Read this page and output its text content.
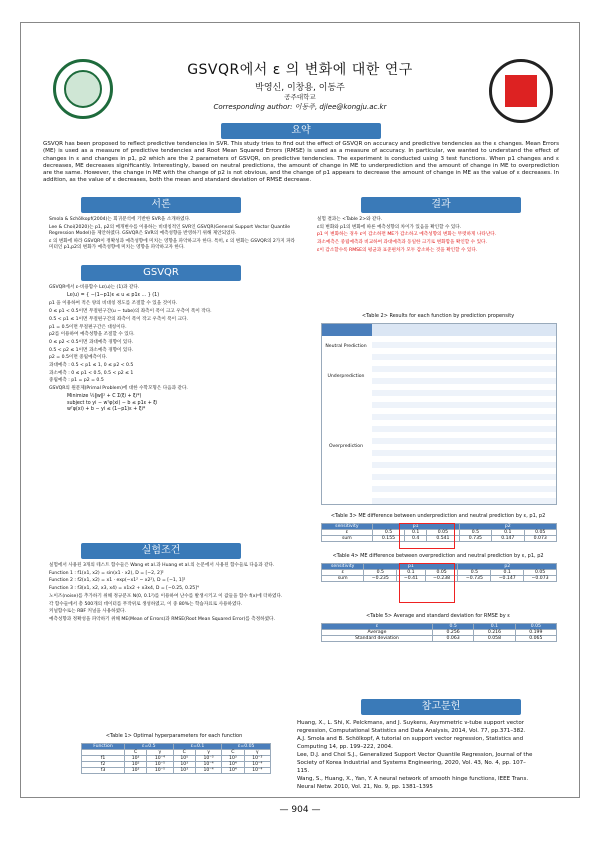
GSVQR에서 ε 의 변화에 대한 연구
박영신, 이창용, 이동주
공주대학교
Corresponding author: 이동주, djlee@kongju.ac.kr
요약
GSVQR has been proposed to reflect predictive tendencies in SVR. This study tries to find out the effect of GSVQR on accuracy and predictive tendencies as the ε changes. Mean Errors (ME) is used as a measure of predictive tendencies and Root Mean Squared Errors (RMSE) is used as a measure of accuracy. In particular, we wanted to understand the effect of changes in ε and changes in p1, p2 which are the 2 parameters of GSVQR, on predictive tendencies. The experiment is conducted using 3 test functions. When p1 changes and ε decreases, ME decreases significantly. Interestingly, based on neutral predictions, the amount of change in ME to underprediction and the amount of change in ME to overprediction are the same. However, the change in ME with the change of p2 is not obvious, and the change of p1 appears to decrease the amount of change in ME as the value of ε decreases. In addition, as the value of ε decreases, both the mean and standard deviation of RMSE decrease.
서론

Smola & Schölkopf(2004)는 회귀분석에 기반한 SVR을 소개하였다.

Lee & Choi(2020)는 p1, p2의 매개변수를 이용하는 비대칭적인 SVR인 GSVQR(General Support Vector Quantile Regression Model)을 제안하였다. GSVQR은 SVR의 예측성향을 반영하기 위해 제안되었다.

ε 의 변화에 따라 GSVQR이 정확성과 예측성향에 미치는 영향을 파악하고자 한다. 특히, ε 의 변화는 GSVQR의 2가지 파라미터인 p1,p2의 변화가 예측성향에 미치는 영향을 파악하고자 한다.

GSVQR

GSVQR에서 ε-비용함수 Lε(u)는 (1)과 같다.

Lε(u) = { −(1−p1)ε ≤ u ≤ p1ε ... } (1)

p1 을 이용하여 적은 양의 비대칭 정도를 조절할 수 있을 것이다.

0 ≤ p1 < 0.5이면 무절편구간(u − tube)의 좌측이 폭이 크고 우측이 폭이 작다.

0.5 < p1 ≤ 1이면 무절편구간의 좌측이 폭이 작고 우측이 폭이 크다.

p1 = 0.5이면 무절편구간은 대칭이다.

p2를 이용하여 예측성향을 조절할 수 있다.

0 ≤ p2 < 0.5이면 과대예측 경향이 있다.

0.5 < p2 ≤ 1이면 과소예측 경향이 있다.

p2 = 0.5이면 중립예측이다.

과대예측 : 0.5 < p1 ≤ 1, 0 ≤ p2 < 0.5

과소예측 : 0 ≤ p1 < 0.5, 0.5 < p2 ≤ 1

중립예측 : p1 = p2 = 0.5

GSVQR의 원문제(Primal Problem)에 대한 수학모형은 다음과 같다.

Minimize ½‖w‖² + C Σ(ξi + ξi*)
subject to yi − wᵀφ(xi) − b ≤ p1ε + ξi
wᵀφ(xi) + b − yi ≤ (1−p1)ε + ξi*
실험조건

실험에서 사용된 3개의 테스트 함수들은 Wang et al.과 Huang et al.의 논문에서 사용된 함수들로 다음과 같다.

Function 1 : f1(x1, x2) = sin(x1 · x2), D = [−2, 2]²

Function 2 : f2(x1, x2) = x1 · exp(−x1² − x2²), D = [−1, 1]²

Function 3 : f3(x1, x2, x3, x4) = x1x2 + x3x4, D = [−0.25, 0.25]⁴

노이즈(noise)를 추가하기 위해 정규분포 N(0, 0.1²)를 이용하여 난수를 발생시키고 이 값들을 함수 f(x)에 더하였다.

각 함수들에서 총 500개의 데이터를 무작위로 생성하였고, 이 중 80%는 학습자료로 사용하였다.

커널함수로는 RBF 커널을 사용하였다.

예측성향과 정확성을 파악하기 위해 ME(Mean of Errors)과 RMSE(Root Mean Squared Error)를 측정하였다.

<Table 1> Optimal hyperparameters for each function
Function	ε=0.5		ε=0.1		ε=0.05	
	C	γ	C	γ	C	γ
f1	10³	10⁻⁴	10⁵	10⁻³	10³	10⁻³
f2	10⁵	10⁻⁵	10³	10⁻⁴	10⁴	10⁻⁴
f3	10³	10⁻⁵	10³	10⁻⁴	10⁴	10⁻⁴
결과

실험 결과는 <Table 2>와 같다.

ε의 변화와 p1의 변화에 따른 예측성향의 차이가 있음을 확인할 수 있다.

p1 이 변화하는 경우 ε이 감소하면 ME가 감소하고 예측성향의 변화는 뚜렷하게 나타난다.

과소예측은 중립예측과 비교하여 과대예측과 동일한 크기로 변화함을 확인할 수 있다.

ε이 감소할수록 RMSE의 평균과 표준편차가 모두 감소하는 것을 확인할 수 있다.

<Table 2> Results for each function by prediction propensity
Neutral Prediction
Underprediction
Overprediction
<Table 3> ME difference between underprediction and neutral prediction by ε, p1, p2
sensitivity	p1			p2		
ε	0.5	0.1	0.05	0.5	0.1	0.05
sum	0.155	0.4	0.541	0.735	0.147	0.073
<Table 4> ME difference between overprediction and neutral prediction by ε, p1, p2
sensitivity	p1			p2		
ε	0.5	0.1	0.05	0.5	0.1	0.05
sum	−0.235	−0.41	−0.238	−0.735	−0.147	−0.073
<Table 5> Average and standard deviation for RMSE by ε
ε	0.5	0.1	0.05
Average	0.256	0.216	0.199
Standard deviation	0.063	0.058	0.065
참고문헌

Huang, X., L. Shi, K. Pelckmans, and J. Suykens, Asymmetric ν-tube support vector regression, Computational Statistics and Data Analysis, 2014, Vol. 77, pp.371–382.

A.J. Smola and B. Schölkopf, A tutorial on support vector regression, Statistics and Computing 14, pp. 199–222, 2004.

Lee, D.J. and Choi S.J., Generalized Support Vector Quantile Regression, Journal of the Society of Korea Industrial and Systems Engineering, 2020, Vol. 43, No. 4, pp. 107–115.

Wang, S., Huang, X., Yan, Y. A neural network of smooth hinge functions, IEEE Trans. Neural Netw. 2010, Vol. 21, No. 9, pp. 1381–1395

— 904 —
